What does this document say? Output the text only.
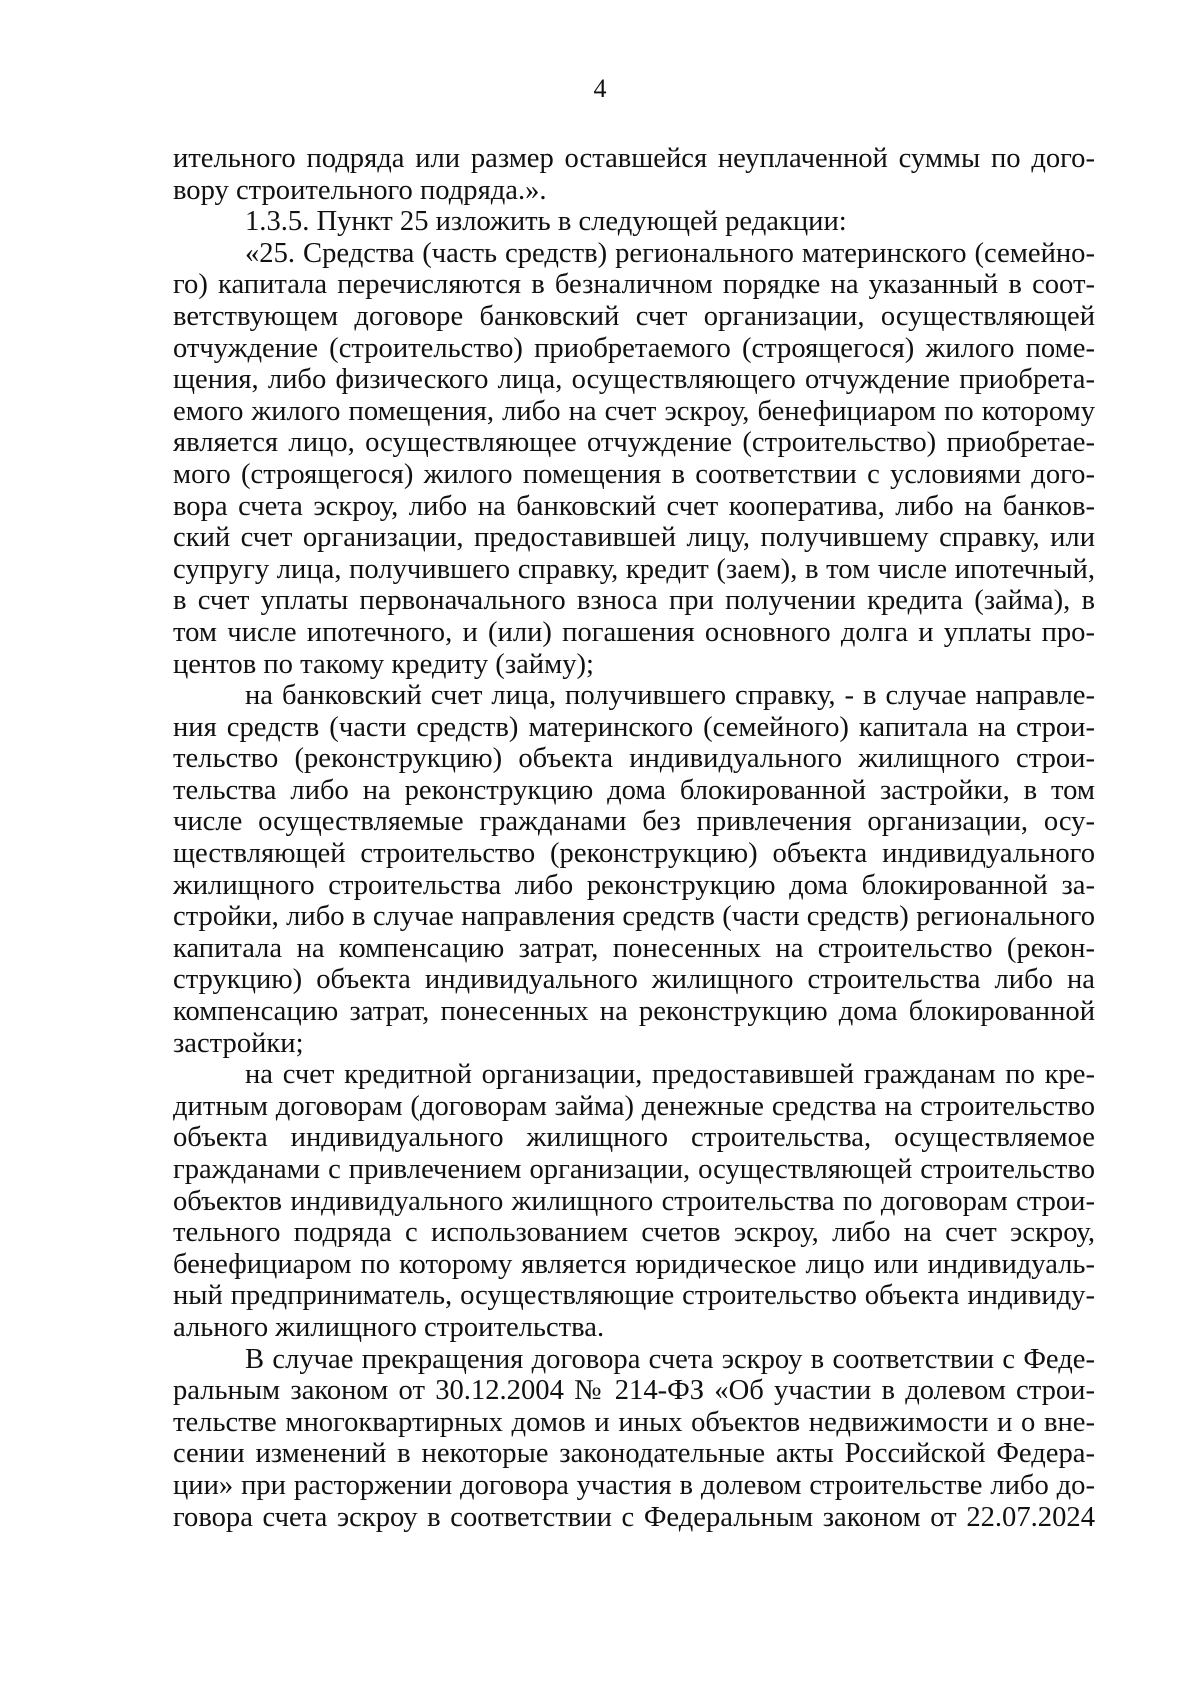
4
ительного подряда или размер оставшейся неуплаченной суммы по дого-
вору строительного подряда.».
1.3.5. Пункт 25 изложить в следующей редакции:
«25. Средства (часть средств) регионального материнского (семейно-
го) капитала перечисляются в безналичном порядке на указанный в соот-
ветствующем договоре банковский счет организации, осуществляющей
отчуждение (строительство) приобретаемого (строящегося) жилого поме-
щения, либо физического лица, осуществляющего отчуждение приобрета-
емого жилого помещения, либо на счет эскроу, бенефициаром по которому
является лицо, осуществляющее отчуждение (строительство) приобретае-
мого (строящегося) жилого помещения в соответствии с условиями дого-
вора счета эскроу, либо на банковский счет кооператива, либо на банков-
ский счет организации, предоставившей лицу, получившему справку, или
супругу лица, получившего справку, кредит (заем), в том числе ипотечный,
в счет уплаты первоначального взноса при получении кредита (займа), в
том числе ипотечного, и (или) погашения основного долга и уплаты про-
центов по такому кредиту (займу);
на банковский счет лица, получившего справку, - в случае направле-
ния средств (части средств) материнского (семейного) капитала на строи-
тельство (реконструкцию) объекта индивидуального жилищного строи-
тельства либо на реконструкцию дома блокированной застройки, в том
числе осуществляемые гражданами без привлечения организации, осу-
ществляющей строительство (реконструкцию) объекта индивидуального
жилищного строительства либо реконструкцию дома блокированной за-
стройки, либо в случае направления средств (части средств) регионального
капитала на компенсацию затрат, понесенных на строительство (рекон-
струкцию) объекта индивидуального жилищного строительства либо на
компенсацию затрат, понесенных на реконструкцию дома блокированной
застройки;
на счет кредитной организации, предоставившей гражданам по кре-
дитным договорам (договорам займа) денежные средства на строительство
объекта индивидуального жилищного строительства, осуществляемое
гражданами с привлечением организации, осуществляющей строительство
объектов индивидуального жилищного строительства по договорам строи-
тельного подряда с использованием счетов эскроу, либо на счет эскроу,
бенефициаром по которому является юридическое лицо или индивидуаль-
ный предприниматель, осуществляющие строительство объекта индивиду-
ального жилищного строительства.
В случае прекращения договора счета эскроу в соответствии с Феде-
ральным законом от 30.12.2004 № 214-ФЗ «Об участии в долевом строи-
тельстве многоквартирных домов и иных объектов недвижимости и о вне-
сении изменений в некоторые законодательные акты Российской Федера-
ции» при расторжении договора участия в долевом строительстве либо до-
говора счета эскроу в соответствии с Федеральным законом от 22.07.2024
